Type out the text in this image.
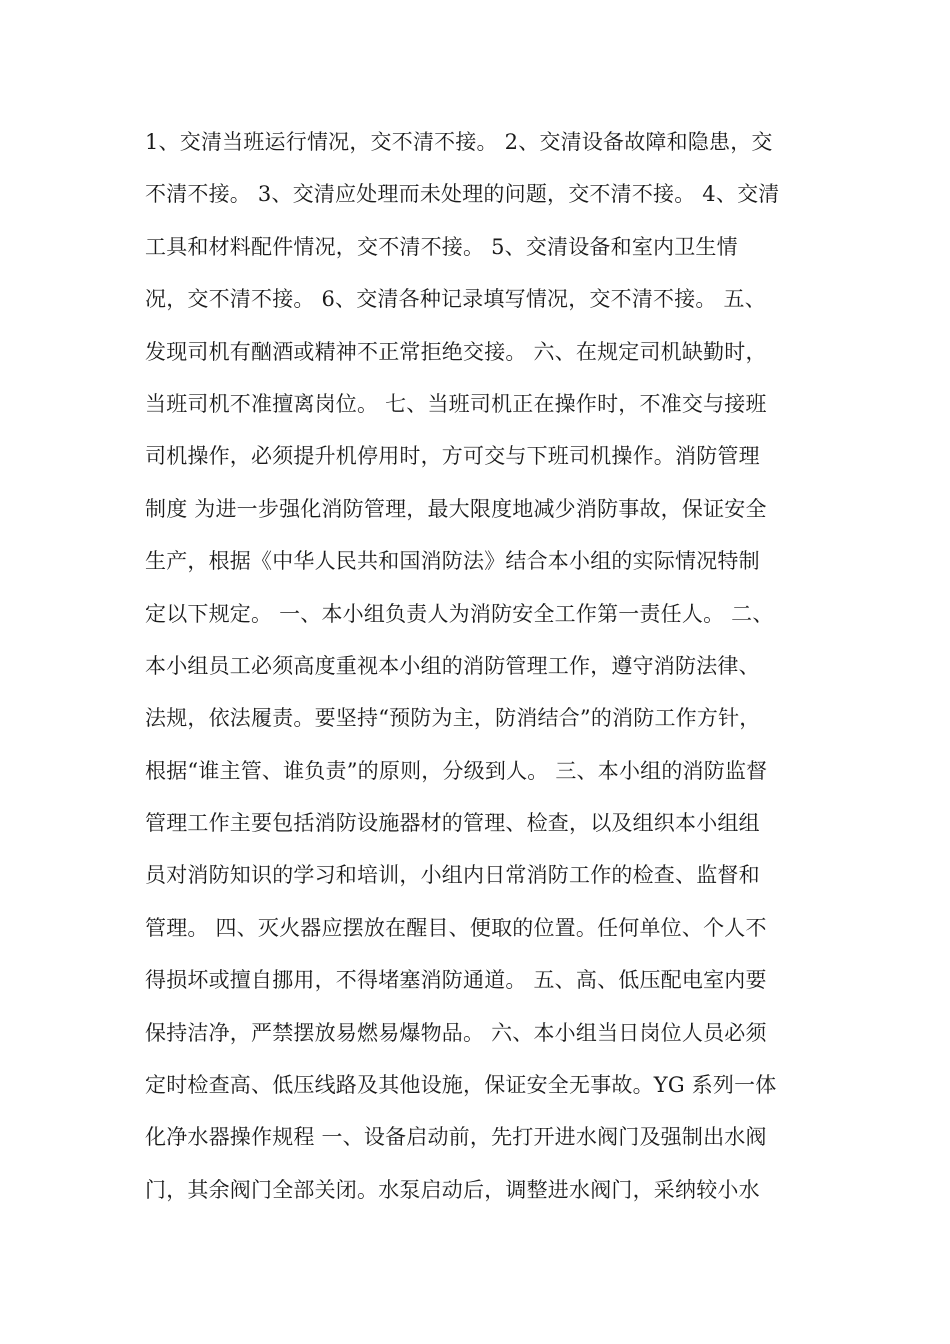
1、交清当班运行情况，交不清不接。 2、交清设备故障和隐患，交
不清不接。 3、交清应处理而未处理的问题，交不清不接。 4、交清
工具和材料配件情况，交不清不接。 5、交清设备和室内卫生情
况，交不清不接。 6、交清各种记录填写情况，交不清不接。 五、
发现司机有酗酒或精神不正常拒绝交接。 六、在规定司机缺勤时，
当班司机不准擅离岗位。 七、当班司机正在操作时，不准交与接班
司机操作，必须提升机停用时，方可交与下班司机操作。消防管理
制度 为进一步强化消防管理，最大限度地减少消防事故，保证安全
生产，根据《中华人民共和国消防法》结合本小组的实际情况特制
定以下规定。 一、本小组负责人为消防安全工作第一责任人。 二、
本小组员工必须高度重视本小组的消防管理工作，遵守消防法律、
法规，依法履责。要坚持“预防为主，防消结合”的消防工作方针，
根据“谁主管、谁负责”的原则，分级到人。 三、本小组的消防监督
管理工作主要包括消防设施器材的管理、检查，以及组织本小组组
员对消防知识的学习和培训，小组内日常消防工作的检查、监督和
管理。 四、灭火器应摆放在醒目、便取的位置。任何单位、个人不
得损坏或擅自挪用，不得堵塞消防通道。 五、高、低压配电室内要
保持洁净，严禁摆放易燃易爆物品。 六、本小组当日岗位人员必须
定时检查高、低压线路及其他设施，保证安全无事故。YG 系列一体
化净水器操作规程 一、设备启动前，先打开进水阀门及强制出水阀
门，其余阀门全部关闭。水泵启动后，调整进水阀门，采纳较小水
